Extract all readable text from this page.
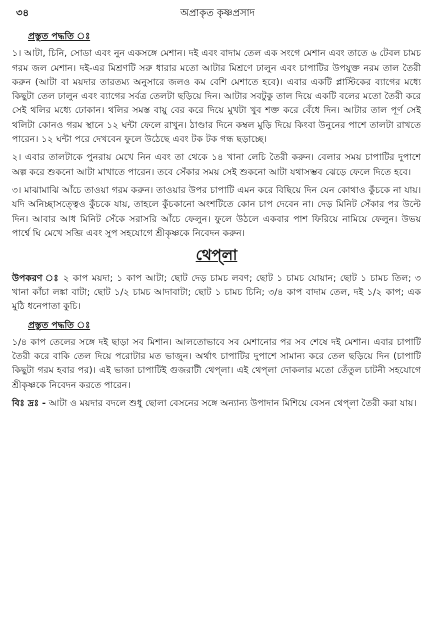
৩৪	অপ্রাকৃত কৃষ্ণপ্রসাদ
প্রস্তুত পদ্ধতি ঃ

১। আটা, চিনি, সোডা এবং নুন একসঙ্গে মেশান। দই এবং বাদাম তেল এক সংগে মেশান এবং তাতে ৬ টেবল চামচ গরম জল মেশান। দই-এর মিশ্রণটি সরু ধারার মতো আটার মিশ্রণে ঢালুন এবং চাপাটির উপযুক্ত নরম তাল তৈরী করুন (আটা বা ময়দার তারতম্য অনুসারে জলও কম বেশি মেশাতে হবে)। এবার একটি প্লাস্টিকের ব্যাগের মধ্যে কিছুটা তেল ঢালুন এবং ব্যাগের সর্বত্র তেলটা ছড়িয়ে দিন। আটার সবটুকু তাল দিয়ে একটি বলের মতো তৈরী করে সেই থলির মধ্যে ঢোকান। থলির সমস্ত বায়ু বের করে দিয়ে মুখটা খুব শক্ত করে বেঁধে দিন। আটার তাল পূর্ণ সেই থলিটা কোনও গরম স্থানে ১২ ঘন্টা ফেলে রাখুন। ঠাণ্ডার দিনে কম্বল মুড়ি দিয়ে কিংবা উনুনের পাশে তালটা রাখতে পারেন। ১২ ঘন্টা পরে দেখবেন ফুলে উঠেছে এবং টক টক গন্ধ ছড়াচ্ছে।

২। এবার তালটাকে পুনরায় মেখে নিন এবং তা থেকে ১৪ খানা লেচি তৈরী করুন। বেলার সময় চাপাটির দুপাশে অল্প করে শুকনো আটা মাখাতে পারেন। তবে সেঁকার সময় সেই শুকনো আটা যথাসম্ভব ঝেড়ে ফেলে দিতে হবে।

৩। মাঝামাঝি আঁচে তাওয়া গরম করুন। তাওয়ার উপর চাপাটি এমন করে বিছিয়ে দিন যেন কোথাও কুঁচকে না যায়। যদি অনিচ্ছাসত্ত্বেও কুঁচকে যায়, তাহলে কুঁচকানো অংশটিতে কোন চাপ দেবেন না। দেড় মিনিট সেঁকার পর উল্টে দিন। আবার আধ মিনিট সেঁকে সরাসরি আঁচে ফেলুন। ফুলে উঠলে একবার পাশ ফিরিয়ে নামিয়ে ফেলুন। উভয় পার্শ্বে ঘি মেখে সব্জি এবং সুপ সহযোগে শ্রীকৃষ্ণকে নিবেদন করুন।

থেপ্‌লা

উপকরণ ঃ ২ কাপ ময়দা; ১ কাপ আটা; ছোট দেড় চামচ লবণ; ছোট ১ চামচ যোয়ান; ছোট ১ চামচ তিল; ৩ খানা কাঁচা লঙ্কা বাটা; ছোট ১/২ চামচ আদাবাটা; ছোট ১ চামচ চিনি; ৩/৪ কাপ বাদাম তেল, দই ১/২ কাপ; এক মুঠি ধনেপাতা কুচি।

প্রস্তুত পদ্ধতি ঃ

১/৪ কাপ তেলের সঙ্গে দই ছাড়া সব মিশান। আলতোভাবে সব মেশানোর পর সব শেষে দই মেশান। এবার চাপাটি তৈরী করে বাকি তেল দিয়ে পরোটার মত ভাজুন। অর্থাৎ চাপাটির দুপাশে সামান্য করে তেল ছড়িয়ে দিন (চাপাটি কিছুটা গরম হবার পর)। এই ভাজা চাপাটিই গুজরাটী থেপ্‌লা। এই থেপ্‌লা দোকলার মতো তেঁতুল চাটনী সহযোগে শ্রীকৃষ্ণকে নিবেদন করতে পারেন।

বিঃ দ্রঃ - আটা ও ময়দার বদলে শুধু ছোলা বেসনের সঙ্গে অন্যান্য উপাদান মিশিয়ে বেসন থেপ্‌লা তৈরী করা যায়।
